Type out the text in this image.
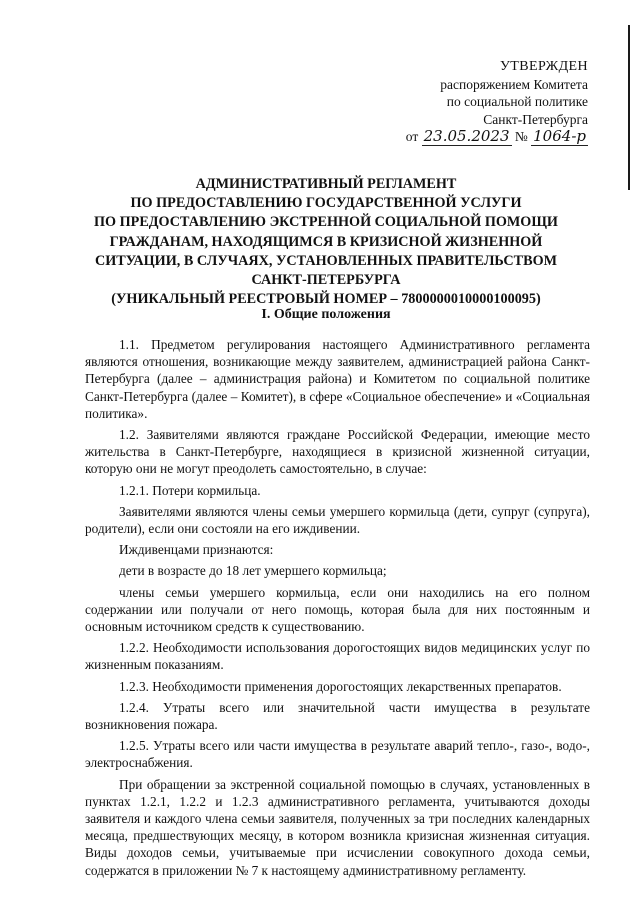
УТВЕРЖДЕН
распоряжением Комитета
по социальной политике
Санкт-Петербурга
от 23.05.2023 № 1064-р
АДМИНИСТРАТИВНЫЙ РЕГЛАМЕНТ
ПО ПРЕДОСТАВЛЕНИЮ ГОСУДАРСТВЕННОЙ УСЛУГИ
ПО ПРЕДОСТАВЛЕНИЮ ЭКСТРЕННОЙ СОЦИАЛЬНОЙ ПОМОЩИ
ГРАЖДАНАМ, НАХОДЯЩИМСЯ В КРИЗИСНОЙ ЖИЗНЕННОЙ
СИТУАЦИИ, В СЛУЧАЯХ, УСТАНОВЛЕННЫХ ПРАВИТЕЛЬСТВОМ
САНКТ-ПЕТЕРБУРГА
(УНИКАЛЬНЫЙ РЕЕСТРОВЫЙ НОМЕР – 7800000010000100095)
I. Общие положения

1.1. Предметом регулирования настоящего Административного регламента являются отношения, возникающие между заявителем, администрацией района Санкт-Петербурга (далее – администрация района) и Комитетом по социальной политике Санкт-Петербурга (далее – Комитет), в сфере «Социальное обеспечение» и «Социальная политика».

1.2. Заявителями являются граждане Российской Федерации, имеющие место жительства в Санкт-Петербурге, находящиеся в кризисной жизненной ситуации, которую они не могут преодолеть самостоятельно, в случае:

1.2.1. Потери кормильца.

Заявителями являются члены семьи умершего кормильца (дети, супруг (супруга), родители), если они состояли на его иждивении.

Иждивенцами признаются:

дети в возрасте до 18 лет умершего кормильца;

члены семьи умершего кормильца, если они находились на его полном содержании или получали от него помощь, которая была для них постоянным и основным источником средств к существованию.

1.2.2. Необходимости использования дорогостоящих видов медицинских услуг по жизненным показаниям.

1.2.3. Необходимости применения дорогостоящих лекарственных препаратов.

1.2.4. Утраты всего или значительной части имущества в результате возникновения пожара.

1.2.5. Утраты всего или части имущества в результате аварий тепло-, газо-, водо-, электроснабжения.

При обращении за экстренной социальной помощью в случаях, установленных в пунктах 1.2.1, 1.2.2 и 1.2.3 административного регламента, учитываются доходы заявителя и каждого члена семьи заявителя, полученных за три последних календарных месяца, предшествующих месяцу, в котором возникла кризисная жизненная ситуация. Виды доходов семьи, учитываемые при исчислении совокупного дохода семьи, содержатся в приложении № 7 к настоящему административному регламенту.
